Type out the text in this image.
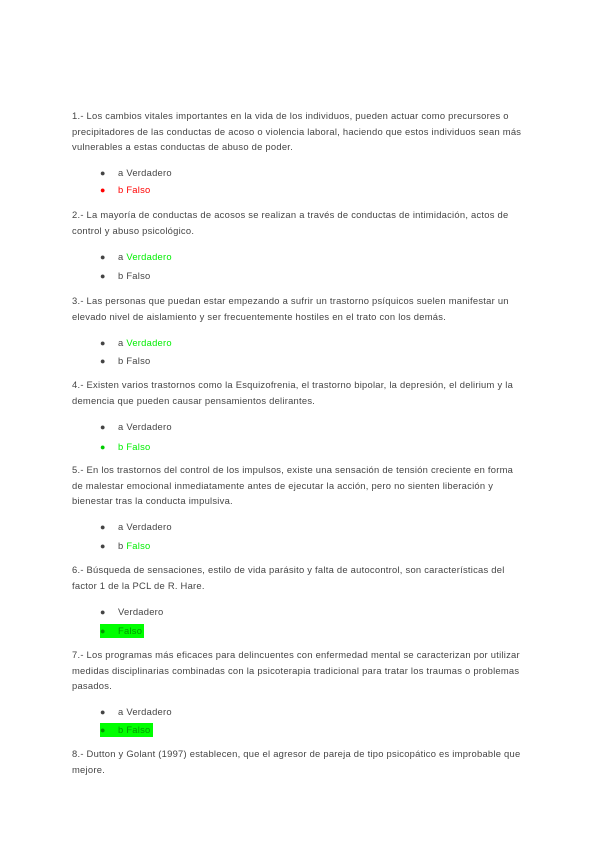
1.- Los cambios vitales importantes en la vida de los individuos, pueden actuar como precursores o precipitadores de las conductas de acoso o violencia laboral, haciendo que estos individuos sean más vulnerables a estas conductas de abuso de poder.
● a Verdadero
● b Falso
2.- La mayoría de conductas de acosos se realizan a través de conductas de intimidación, actos de control y abuso psicológico.
● a Verdadero
● b Falso
3.- Las personas que puedan estar empezando a sufrir un trastorno psíquicos suelen manifestar un elevado nivel de aislamiento y ser frecuentemente hostiles en el trato con los demás.
● a Verdadero
● b Falso
4.- Existen varios trastornos como la Esquizofrenia, el trastorno bipolar, la depresión, el delirium y la demencia que pueden causar pensamientos delirantes.
● a Verdadero
● b Falso
5.- En los trastornos del control de los impulsos, existe una sensación de tensión creciente en forma de malestar emocional inmediatamente antes de ejecutar la acción, pero no sienten liberación y bienestar tras la conducta impulsiva.
● a Verdadero
● b Falso
6.- Búsqueda de sensaciones, estilo de vida parásito y falta de autocontrol, son características del factor 1 de la PCL de R. Hare.
● Verdadero
● Falso
7.- Los programas más eficaces para delincuentes con enfermedad mental se caracterizan por utilizar medidas disciplinarias combinadas con la psicoterapia tradicional para tratar los traumas o problemas pasados.
● a Verdadero
● b Falso
8.- Dutton y Golant (1997) establecen, que el agresor de pareja de tipo psicopático es improbable que mejore.
